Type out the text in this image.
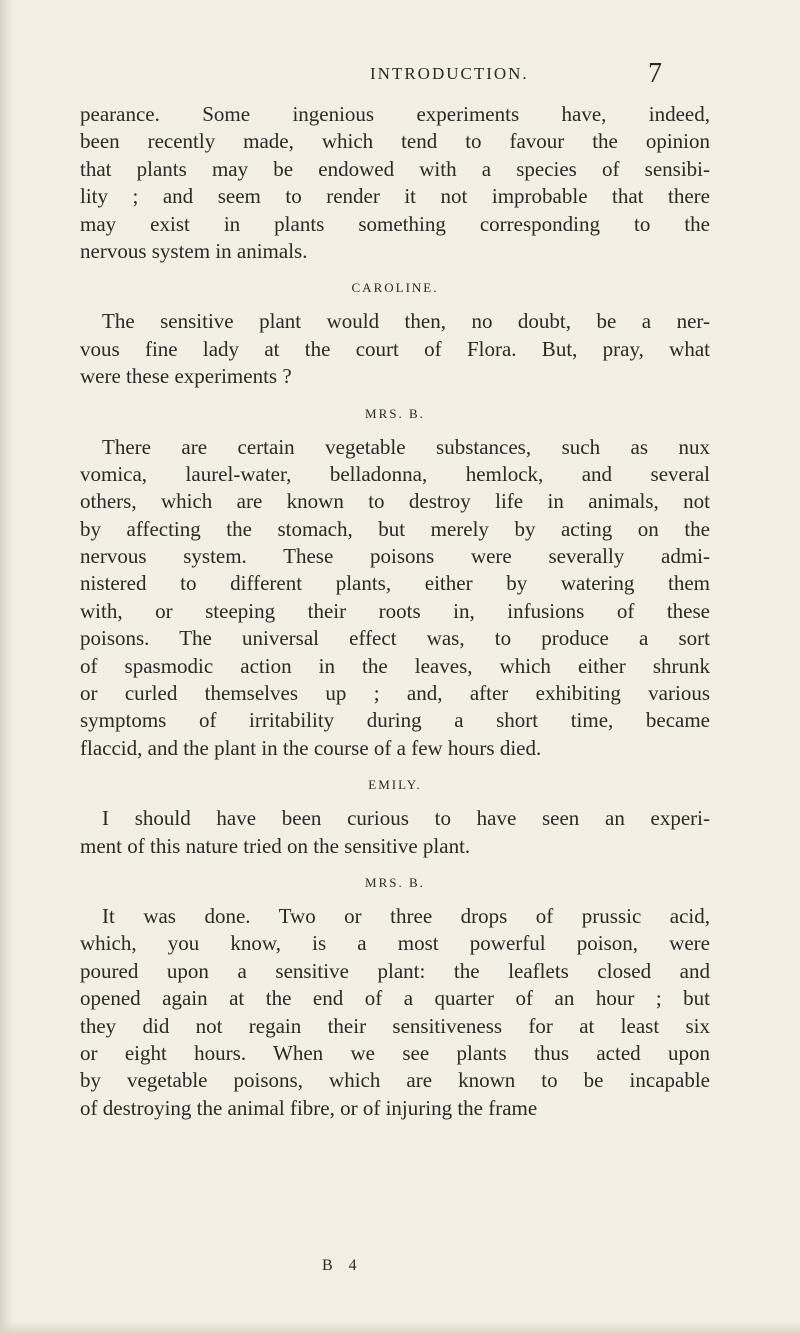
INTRODUCTION.	7
pearance. Some ingenious experiments have, indeed,
been recently made, which tend to favour the opinion
that plants may be endowed with a species of sensibi-
lity ; and seem to render it not improbable that there
may exist in plants something corresponding to the
nervous system in animals.
CAROLINE.
The sensitive plant would then, no doubt, be a ner-
vous fine lady at the court of Flora. But, pray, what
were these experiments ?
MRS. B.
There are certain vegetable substances, such as nux
vomica, laurel-water, belladonna, hemlock, and several
others, which are known to destroy life in animals, not
by affecting the stomach, but merely by acting on the
nervous system. These poisons were severally admi-
nistered to different plants, either by watering them
with, or steeping their roots in, infusions of these
poisons. The universal effect was, to produce a sort
of spasmodic action in the leaves, which either shrunk
or curled themselves up ; and, after exhibiting various
symptoms of irritability during a short time, became
flaccid, and the plant in the course of a few hours died.
EMILY.
I should have been curious to have seen an experi-
ment of this nature tried on the sensitive plant.
MRS. B.
It was done. Two or three drops of prussic acid,
which, you know, is a most powerful poison, were
poured upon a sensitive plant: the leaflets closed and
opened again at the end of a quarter of an hour ; but
they did not regain their sensitiveness for at least six
or eight hours. When we see plants thus acted upon
by vegetable poisons, which are known to be incapable
of destroying the animal fibre, or of injuring the frame
B 4
